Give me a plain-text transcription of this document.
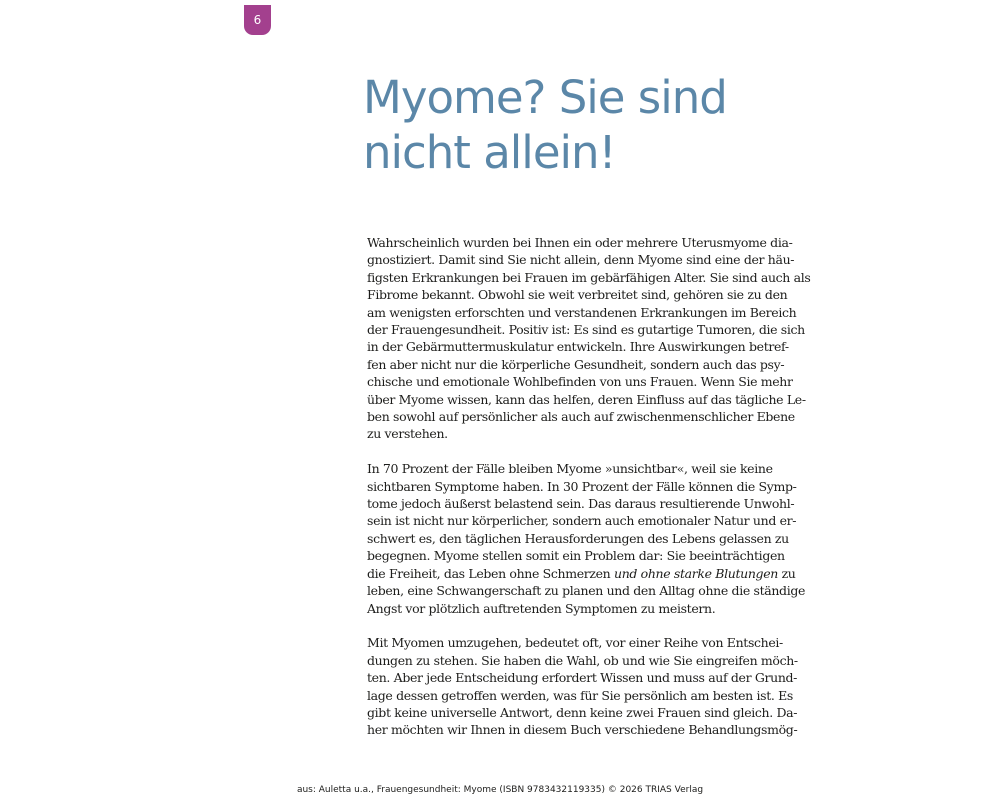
6
Myome? Sie sind
nicht allein!
Wahrscheinlich wurden bei Ihnen ein oder mehrere Uterusmyome dia-
gnostiziert. Damit sind Sie nicht allein, denn Myome sind eine der häu-
figsten Erkrankungen bei Frauen im gebärfähigen Alter. Sie sind auch als
Fibrome bekannt. Obwohl sie weit verbreitet sind, gehören sie zu den
am wenigsten erforschten und verstandenen Erkrankungen im Bereich
der Frauengesundheit. Positiv ist: Es sind es gutartige Tumoren, die sich
in der Gebärmuttermuskulatur entwickeln. Ihre Auswirkungen betref-
fen aber nicht nur die körperliche Gesundheit, sondern auch das psy-
chische und emotionale Wohlbefinden von uns Frauen. Wenn Sie mehr
über Myome wissen, kann das helfen, deren Einfluss auf das tägliche Le-
ben sowohl auf persönlicher als auch auf zwischenmenschlicher Ebene
zu verstehen.
In 70 Prozent der Fälle bleiben Myome »unsichtbar«, weil sie keine
sichtbaren Symptome haben. In 30 Prozent der Fälle können die Symp-
tome jedoch äußerst belastend sein. Das daraus resultierende Unwohl-
sein ist nicht nur körperlicher, sondern auch emotionaler Natur und er-
schwert es, den täglichen Herausforderungen des Lebens gelassen zu
begegnen. Myome stellen somit ein Problem dar: Sie beeinträchtigen
die Freiheit, das Leben ohne Schmerzen und ohne starke Blutungen zu
leben, eine Schwangerschaft zu planen und den Alltag ohne die ständige
Angst vor plötzlich auftretenden Symptomen zu meistern.
Mit Myomen umzugehen, bedeutet oft, vor einer Reihe von Entschei-
dungen zu stehen. Sie haben die Wahl, ob und wie Sie eingreifen möch-
ten. Aber jede Entscheidung erfordert Wissen und muss auf der Grund-
lage dessen getroffen werden, was für Sie persönlich am besten ist. Es
gibt keine universelle Antwort, denn keine zwei Frauen sind gleich. Da-
her möchten wir Ihnen in diesem Buch verschiedene Behandlungsmög-
aus: Auletta u.a., Frauengesundheit: Myome (ISBN 9783432119335) © 2026 TRIAS Verlag
